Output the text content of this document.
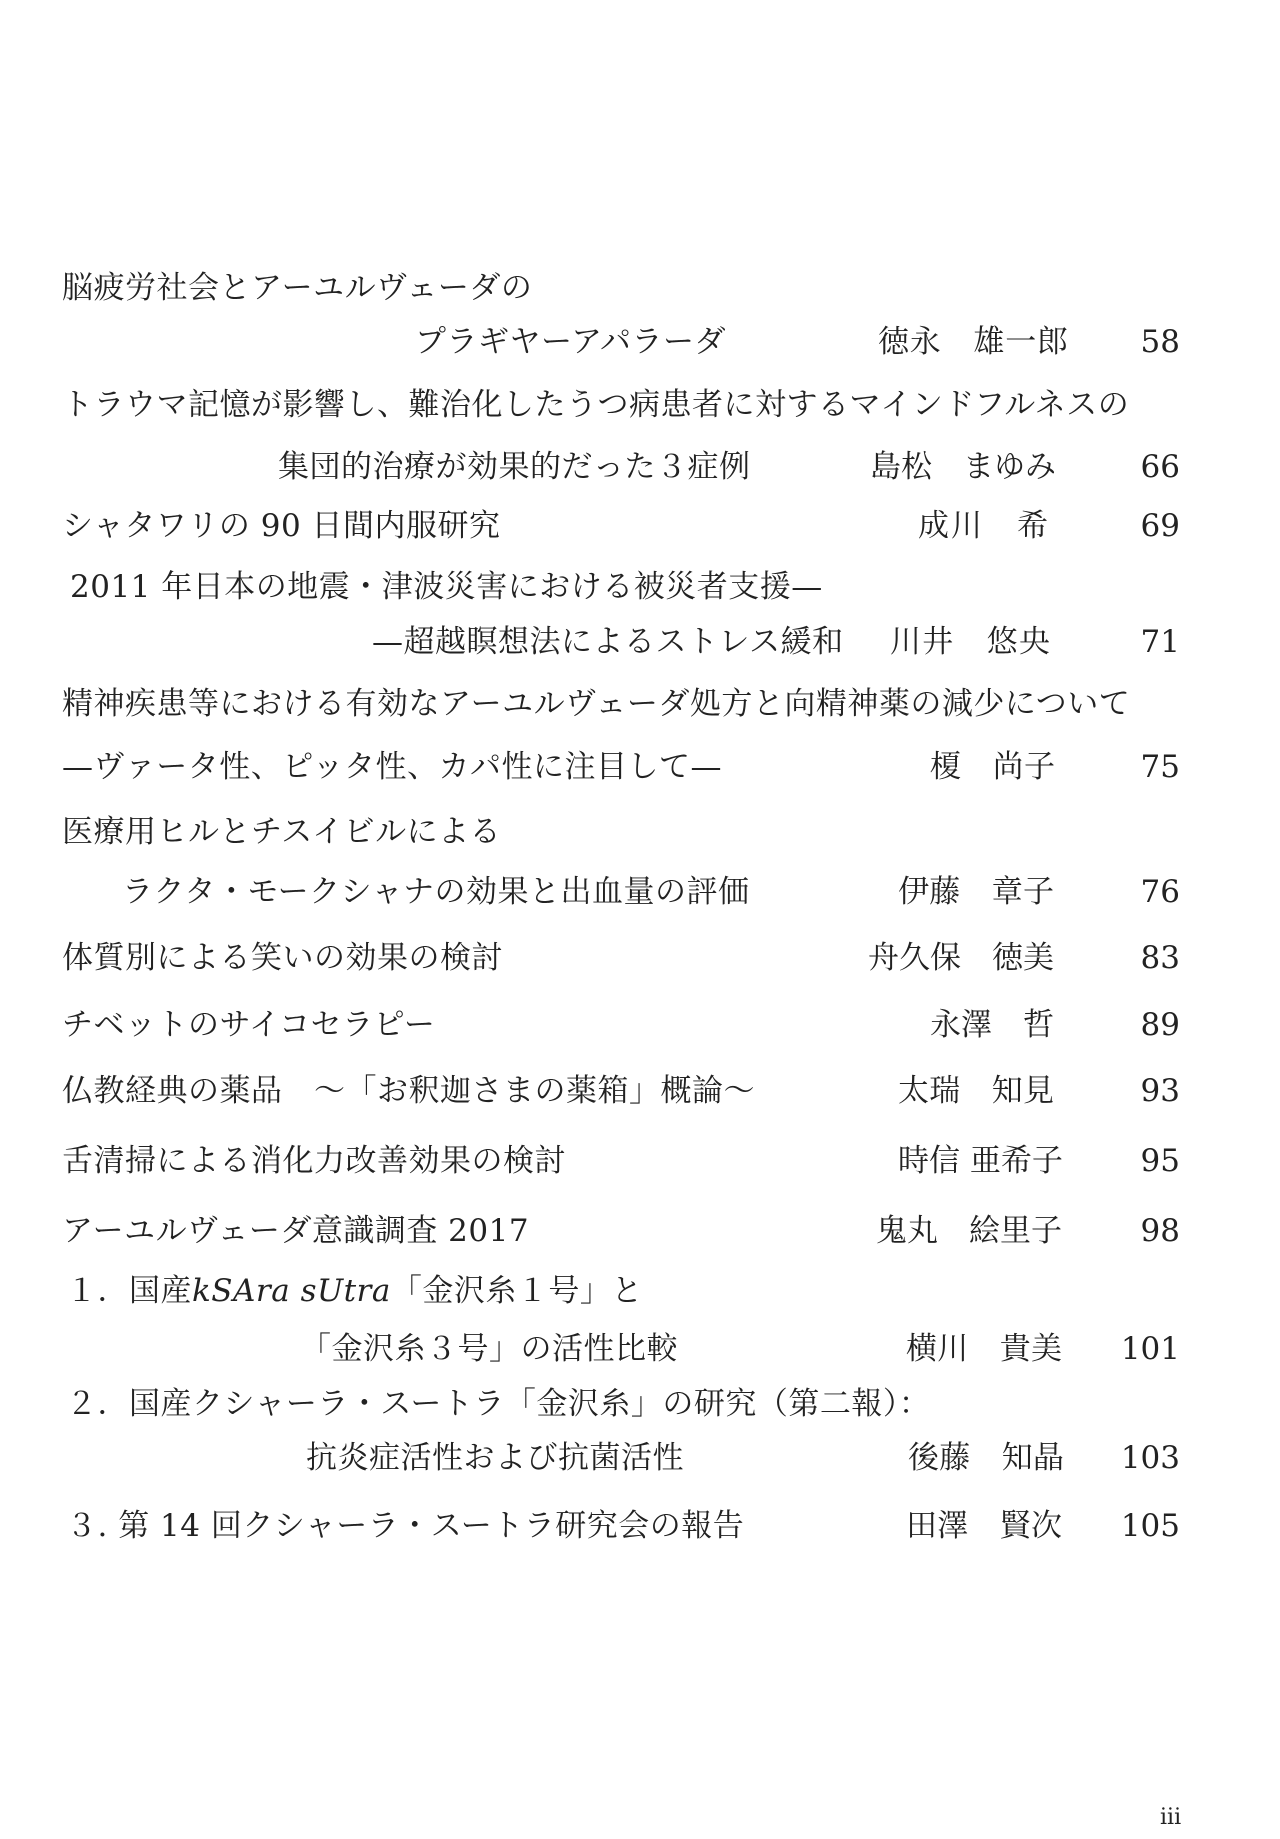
脳疲労社会とアーユルヴェーダの
プラギヤーアパラーダ	徳永　雄一郎	58
トラウマ記憶が影響し、難治化したうつ病患者に対するマインドフルネスの
集団的治療が効果的だった３症例	島松　まゆみ	66
シャタワリの 90 日間内服研究	成川　希	69
2011 年日本の地震・津波災害における被災者支援—
—超越瞑想法によるストレス緩和 川井　悠央	71
精神疾患等における有効なアーユルヴェーダ処方と向精神薬の減少について
—ヴァータ性、ピッタ性、カパ性に注目して—	榎　尚子	75
医療用ヒルとチスイビルによる
ラクタ・モークシャナの効果と出血量の評価	伊藤　章子	76
体質別による笑いの効果の検討	舟久保　徳美	83
チベットのサイコセラピー	永澤　哲	89
仏教経典の薬品　～「お釈迦さまの薬箱」概論～	太瑞　知見	93
舌清掃による消化力改善効果の検討	時信 亜希子	95
アーユルヴェーダ意識調査 2017	鬼丸　絵里子	98
１．国産kSAra sUtra「金沢糸１号」と
「金沢糸３号」の活性比較	横川　貴美	101
２．国産クシャーラ・スートラ「金沢糸」の研究（第二報）：
抗炎症活性および抗菌活性	後藤　知晶	103
３. 第 14 回クシャーラ・スートラ研究会の報告	田澤　賢次	105
iii
